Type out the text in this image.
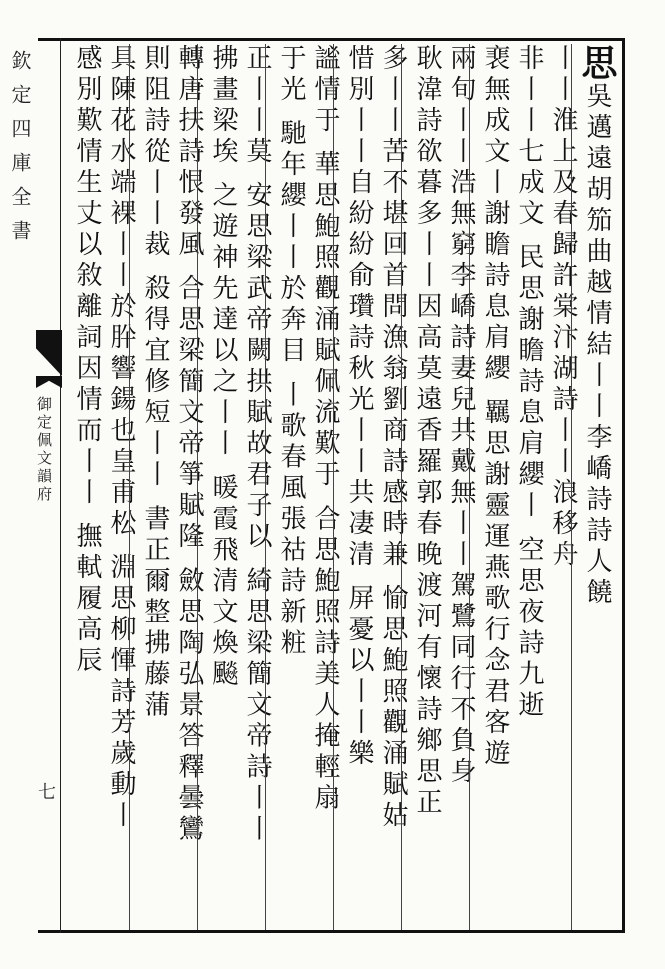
欽定四庫全書
御定佩文韻府
七
思吳邁遠胡笳曲越情結丨丨李嶠詩詩人饒
丨丨淮上及春歸許棠汴湖詩丨丨浪移舟
非丨丨七成文 民思謝瞻詩息肩纓丨 空思夜詩九逝
裵無成文丨謝瞻詩息肩纓 羈思謝靈運燕歌行念君客遊
兩旬丨丨浩無窮李嶠詩妻兒共戴無丨丨駕鷺同行不負身
耿湋詩欲暮多丨丨因高莫遠香羅郭春晚渡河有懷詩鄉思正
多丨丨苦不堪回首問漁翁劉商詩感時兼 愉思鮑照觀涌賦姑
惜別丨丨自紛紛俞瓚詩秋光丨丨共凄清 屏憂以丨丨樂
謐情于 華思鮑照觀涌賦佩流歎于 合思鮑照詩美人掩輕扇
于光 馳年纓丨丨於奔目 丨歌春風張祜詩新粧
正丨丨莫 安思梁武帝闕拱賦故君子以 綺思梁簡文帝詩丨丨
拂畫梁埃 之遊神先達以之丨丨 暖霞飛清文煥飈
轉唐扶詩恨發風 合思梁簡文帝箏賦隆 斂思陶弘景答釋曇鸞
則阻詩從丨丨裁 殺得宜修短丨丨 書正爾整拂藤蒲
具陳花水端裸丨丨於肸響鍚也皇甫松 淵思柳惲詩芳歲動丨
感別歎情生丈以敘離詞因情而丨丨 撫軾履高辰
